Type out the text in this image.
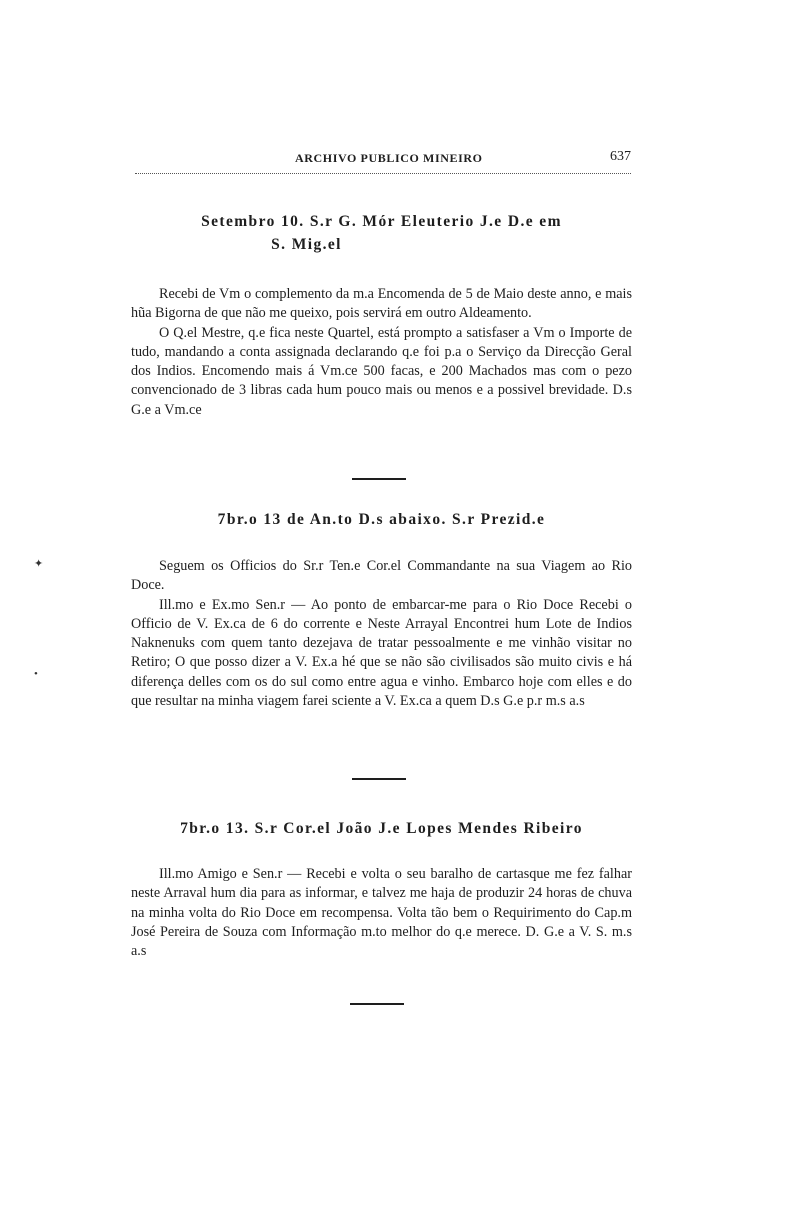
ARCHIVO PUBLICO MINEIRO	637
Setembro 10. S.r G. Mór Eleuterio J.e D.e em
S. Mig.el

Recebi de Vm o complemento da m.a Encomenda de 5 de Maio deste anno, e mais hũa Bigorna de que não me queixo, pois servirá em outro Aldeamento.

O Q.el Mestre, q.e fica neste Quartel, está prompto a satisfaser a Vm o Importe de tudo, mandando a conta assignada declarando q.e foi p.a o Serviço da Direcção Geral dos Indios. Encomendo mais á Vm.ce 500 facas, e 200 Machados mas com o pezo convencionado de 3 libras cada hum pouco mais ou menos e a possivel brevidade. D.s G.e a Vm.ce

7br.o 13 de An.to D.s abaixo. S.r Prezid.e

Seguem os Officios do Sr.r Ten.e Cor.el Commandante na sua Viagem ao Rio Doce.

Ill.mo e Ex.mo Sen.r — Ao ponto de embarcar-me para o Rio Doce Recebi o Officio de V. Ex.ca de 6 do corrente e Neste Arrayal Encontrei hum Lote de Indios Naknenuks com quem tanto dezejava de tratar pessoalmente e me vinhão visitar no Retiro; O que posso dizer a V. Ex.a hé que se não são civilisados são muito civis e há diferença delles com os do sul como entre agua e vinho. Embarco hoje com elles e do que resultar na minha viagem farei sciente a V. Ex.ca a quem D.s G.e p.r m.s a.s

7br.o 13. S.r Cor.el João J.e Lopes Mendes Ribeiro

Ill.mo Amigo e Sen.r — Recebi e volta o seu baralho de cartasque me fez falhar neste Arraval hum dia para as informar, e talvez me haja de produzir 24 horas de chuva na minha volta do Rio Doce em recompensa. Volta tão bem o Requirimento do Cap.m José Pereira de Souza com Informação m.to melhor do q.e merece. D. G.e a V. S. m.s a.s

✦
•
